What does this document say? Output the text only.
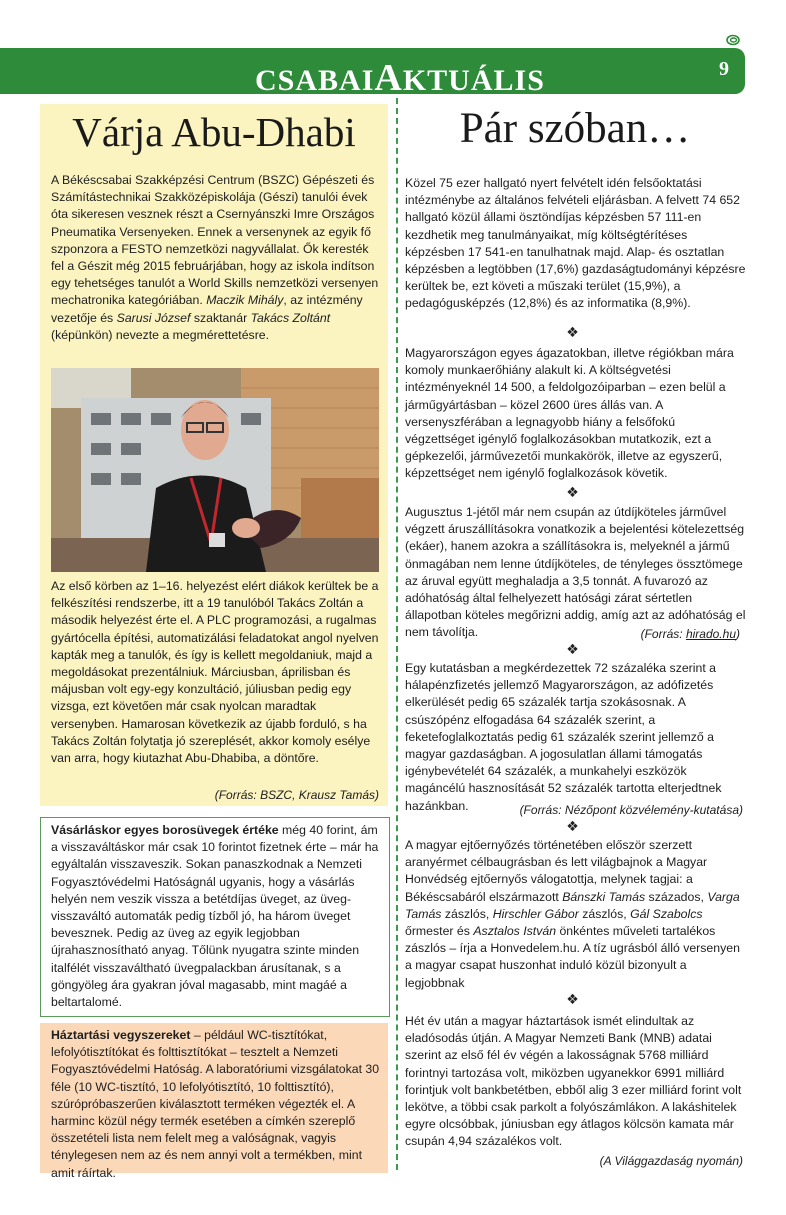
CSABAIAKTUÁLIS	9
Várja Abu-Dhabi
A Békéscsabai Szakképzési Centrum (BSZC) Gépészeti és Számítástechnikai Szakközépiskolája (Gészi) tanulói évek óta sikeresen vesznek részt a Csernyánszki Imre Országos Pneumatika Versenyeken. Ennek a versenynek az egyik fő szponzora a FESTO nemzetközi nagyvállalat. Ők keresték fel a Gészit még 2015 februárjában, hogy az iskola indítson egy tehetséges tanulót a World Skills nemzetközi versenyen mechatronika kategóriában. Maczik Mihály, az intézmény vezetője és Sarusi József szaktanár Takács Zoltánt (képünkön) nevezte a megmérettetésre.
Az első körben az 1–16. helyezést elért diákok kerültek be a felkészítési rendszerbe, itt a 19 tanulóból Takács Zoltán a második helyezést érte el. A PLC programozási, a rugalmas gyártócella építési, automatizálási feladatokat angol nyelven kapták meg a tanulók, és így is kellett megoldaniuk, majd a megoldásokat prezentálniuk. Márciusban, áprilisban és májusban volt egy-egy konzultáció, júliusban pedig egy vizsga, ezt követően már csak nyolcan maradtak versenyben. Hamarosan következik az újabb forduló, s ha Takács Zoltán folytatja jó szereplését, akkor komoly esélye van arra, hogy kiutazhat Abu-Dhabiba, a döntőre.
(Forrás: BSZC, Krausz Tamás)
Vásárláskor egyes borosüvegek értéke még 40 forint, ám a visszaváltáskor már csak 10 forintot fizetnek érte – már ha egyáltalán visszaveszik. Sokan panaszkodnak a Nemzeti Fogyasztóvédelmi Hatóságnál ugyanis, hogy a vásárlás helyén nem veszik vissza a betétdíjas üveget, az üveg-visszaváltó automaták pedig tízből jó, ha három üveget bevesznek. Pedig az üveg az egyik legjobban újrahasznosítható anyag. Tőlünk nyugatra szinte minden italfélét visszaváltható üvegpalackban árusítanak, s a göngyöleg ára gyakran jóval magasabb, mint magáé a beltartalomé.
Háztartási vegyszereket – például WC-tisztítókat, lefolyótisztítókat és folttisztítókat – tesztelt a Nemzeti Fogyasztóvédelmi Hatóság. A laboratóriumi vizsgálatokat 30 féle (10 WC-tisztító, 10 lefolyótisztító, 10 folttisztító), szúrópróbaszerűen kiválasztott terméken végezték el. A harminc közül négy termék esetében a címkén szereplő összetételi lista nem felelt meg a valóságnak, vagyis ténylegesen nem az és nem annyi volt a termékben, mint amit ráírtak.
Pár szóban…
Közel 75 ezer hallgató nyert felvételt idén felsőoktatási intézménybe az általános felvételi eljárásban. A felvett 74 652 hallgató közül állami ösztöndíjas képzésben 57 111-en kezdhetik meg tanulmányaikat, míg költségtérítéses képzésben 17 541-en tanulhatnak majd. Alap- és osztatlan képzésben a legtöbben (17,6%) gazdaságtudományi képzésre kerültek be, ezt követi a műszaki terület (15,9%), a pedagógusképzés (12,8%) és az informatika (8,9%).
❖
Magyarországon egyes ágazatokban, illetve régiókban mára komoly munkaerőhiány alakult ki. A költségvetési intézményeknél 14 500, a feldolgozóiparban – ezen belül a járműgyártásban – közel 2600 üres állás van. A versenyszférában a legnagyobb hiány a felsőfokú végzettséget igénylő foglalkozásokban mutatkozik, ezt a gépkezelői, járművezetői munkakörök, illetve az egyszerű, képzettséget nem igénylő foglalkozások követik.
❖
Augusztus 1-jétől már nem csupán az útdíjköteles járművel végzett áruszállításokra vonatkozik a bejelentési kötelezettség (ekáer), hanem azokra a szállításokra is, melyeknél a jármű önmagában nem lenne útdíjköteles, de tényleges össztömege az áruval együtt meghaladja a 3,5 tonnát. A fuvarozó az adóhatóság által felhelyezett hatósági zárat sértetlen állapotban köteles megőrizni addig, amíg azt az adóhatóság el nem távolítja.	(Forrás: hirado.hu)
❖
Egy kutatásban a megkérdezettek 72 százaléka szerint a hálapénzfizetés jellemző Magyarországon, az adófizetés elkerülését pedig 65 százalék tartja szokásosnak. A csúszópénz elfogadása 64 százalék szerint, a feketefoglalkoztatás pedig 61 százalék szerint jellemző a magyar gazdaságban. A jogosulatlan állami támogatás igénybevételét 64 százalék, a munkahelyi eszközök magáncélú hasznosítását 52 százalék tartotta elterjedtnek hazánkban.	(Forrás: Nézőpont közvélemény-kutatása)
❖
A magyar ejtőernyőzés történetében először szerzett aranyérmet célbaugrásban és lett világbajnok a Magyar Honvédség ejtőernyős válogatottja, melynek tagjai: a Békéscsabáról elszármazott Bánszki Tamás százados, Varga Tamás zászlós, Hirschler Gábor zászlós, Gál Szabolcs őrmester és Asztalos István önkéntes műveleti tartalékos zászlós – írja a Honvedelem.hu. A tíz ugrásból álló versenyen a magyar csapat huszonhat induló közül bizonyult a legjobbnak
❖
Hét év után a magyar háztartások ismét elindultak az eladósodás útján. A Magyar Nemzeti Bank (MNB) adatai szerint az első fél év végén a lakosságnak 5768 milliárd forintnyi tartozása volt, miközben ugyanekkor 6991 milliárd forintjuk volt bankbetétben, ebből alig 3 ezer milliárd forint volt lekötve, a többi csak parkolt a folyószámlákon. A lakáshitelek egyre olcsóbbak, júniusban egy átlagos kölcsön kamata már csupán 4,94 százalékos volt.
(A Világgazdaság nyomán)
